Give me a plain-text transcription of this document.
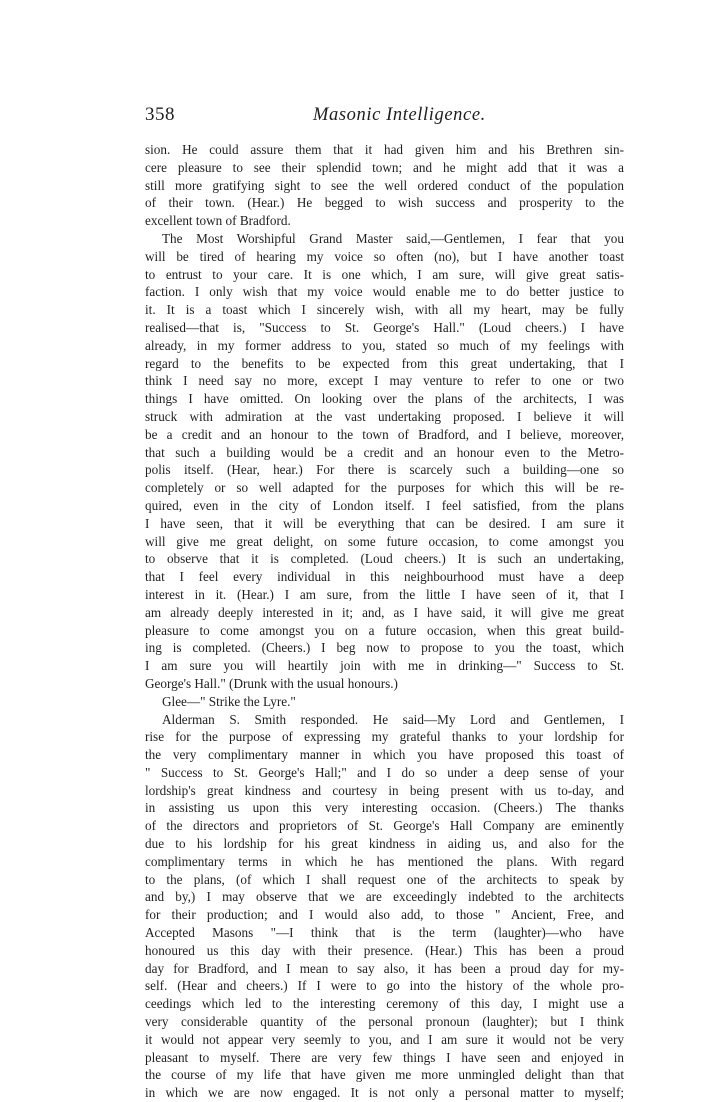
358	Masonic Intelligence.
sion. He could assure them that it had given him and his Brethren sin-
cere pleasure to see their splendid town; and he might add that it was a
still more gratifying sight to see the well ordered conduct of the population
of their town. (Hear.) He begged to wish success and prosperity to the
excellent town of Bradford.
The Most Worshipful Grand Master said,—Gentlemen, I fear that you
will be tired of hearing my voice so often (no), but I have another toast
to entrust to your care. It is one which, I am sure, will give great satis-
faction. I only wish that my voice would enable me to do better justice to
it. It is a toast which I sincerely wish, with all my heart, may be fully
realised—that is, "Success to St. George's Hall." (Loud cheers.) I have
already, in my former address to you, stated so much of my feelings with
regard to the benefits to be expected from this great undertaking, that I
think I need say no more, except I may venture to refer to one or two
things I have omitted. On looking over the plans of the architects, I was
struck with admiration at the vast undertaking proposed. I believe it will
be a credit and an honour to the town of Bradford, and I believe, moreover,
that such a building would be a credit and an honour even to the Metro-
polis itself. (Hear, hear.) For there is scarcely such a building—one so
completely or so well adapted for the purposes for which this will be re-
quired, even in the city of London itself. I feel satisfied, from the plans
I have seen, that it will be everything that can be desired. I am sure it
will give me great delight, on some future occasion, to come amongst you
to observe that it is completed. (Loud cheers.) It is such an undertaking,
that I feel every individual in this neighbourhood must have a deep
interest in it. (Hear.) I am sure, from the little I have seen of it, that I
am already deeply interested in it; and, as I have said, it will give me great
pleasure to come amongst you on a future occasion, when this great build-
ing is completed. (Cheers.) I beg now to propose to you the toast, which
I am sure you will heartily join with me in drinking—" Success to St.
George's Hall." (Drunk with the usual honours.)
Glee—" Strike the Lyre."
Alderman S. Smith responded. He said—My Lord and Gentlemen, I
rise for the purpose of expressing my grateful thanks to your lordship for
the very complimentary manner in which you have proposed this toast of
" Success to St. George's Hall;" and I do so under a deep sense of your
lordship's great kindness and courtesy in being present with us to-day, and
in assisting us upon this very interesting occasion. (Cheers.) The thanks
of the directors and proprietors of St. George's Hall Company are eminently
due to his lordship for his great kindness in aiding us, and also for the
complimentary terms in which he has mentioned the plans. With regard
to the plans, (of which I shall request one of the architects to speak by
and by,) I may observe that we are exceedingly indebted to the architects
for their production; and I would also add, to those " Ancient, Free, and
Accepted Masons "—I think that is the term (laughter)—who have
honoured us this day with their presence. (Hear.) This has been a proud
day for Bradford, and I mean to say also, it has been a proud day for my-
self. (Hear and cheers.) If I were to go into the history of the whole pro-
ceedings which led to the interesting ceremony of this day, I might use a
very considerable quantity of the personal pronoun (laughter); but I think
it would not appear very seemly to you, and I am sure it would not be very
pleasant to myself. There are very few things I have seen and enjoyed in
the course of my life that have given me more unmingled delight than that
in which we are now engaged. It is not only a personal matter to myself;
